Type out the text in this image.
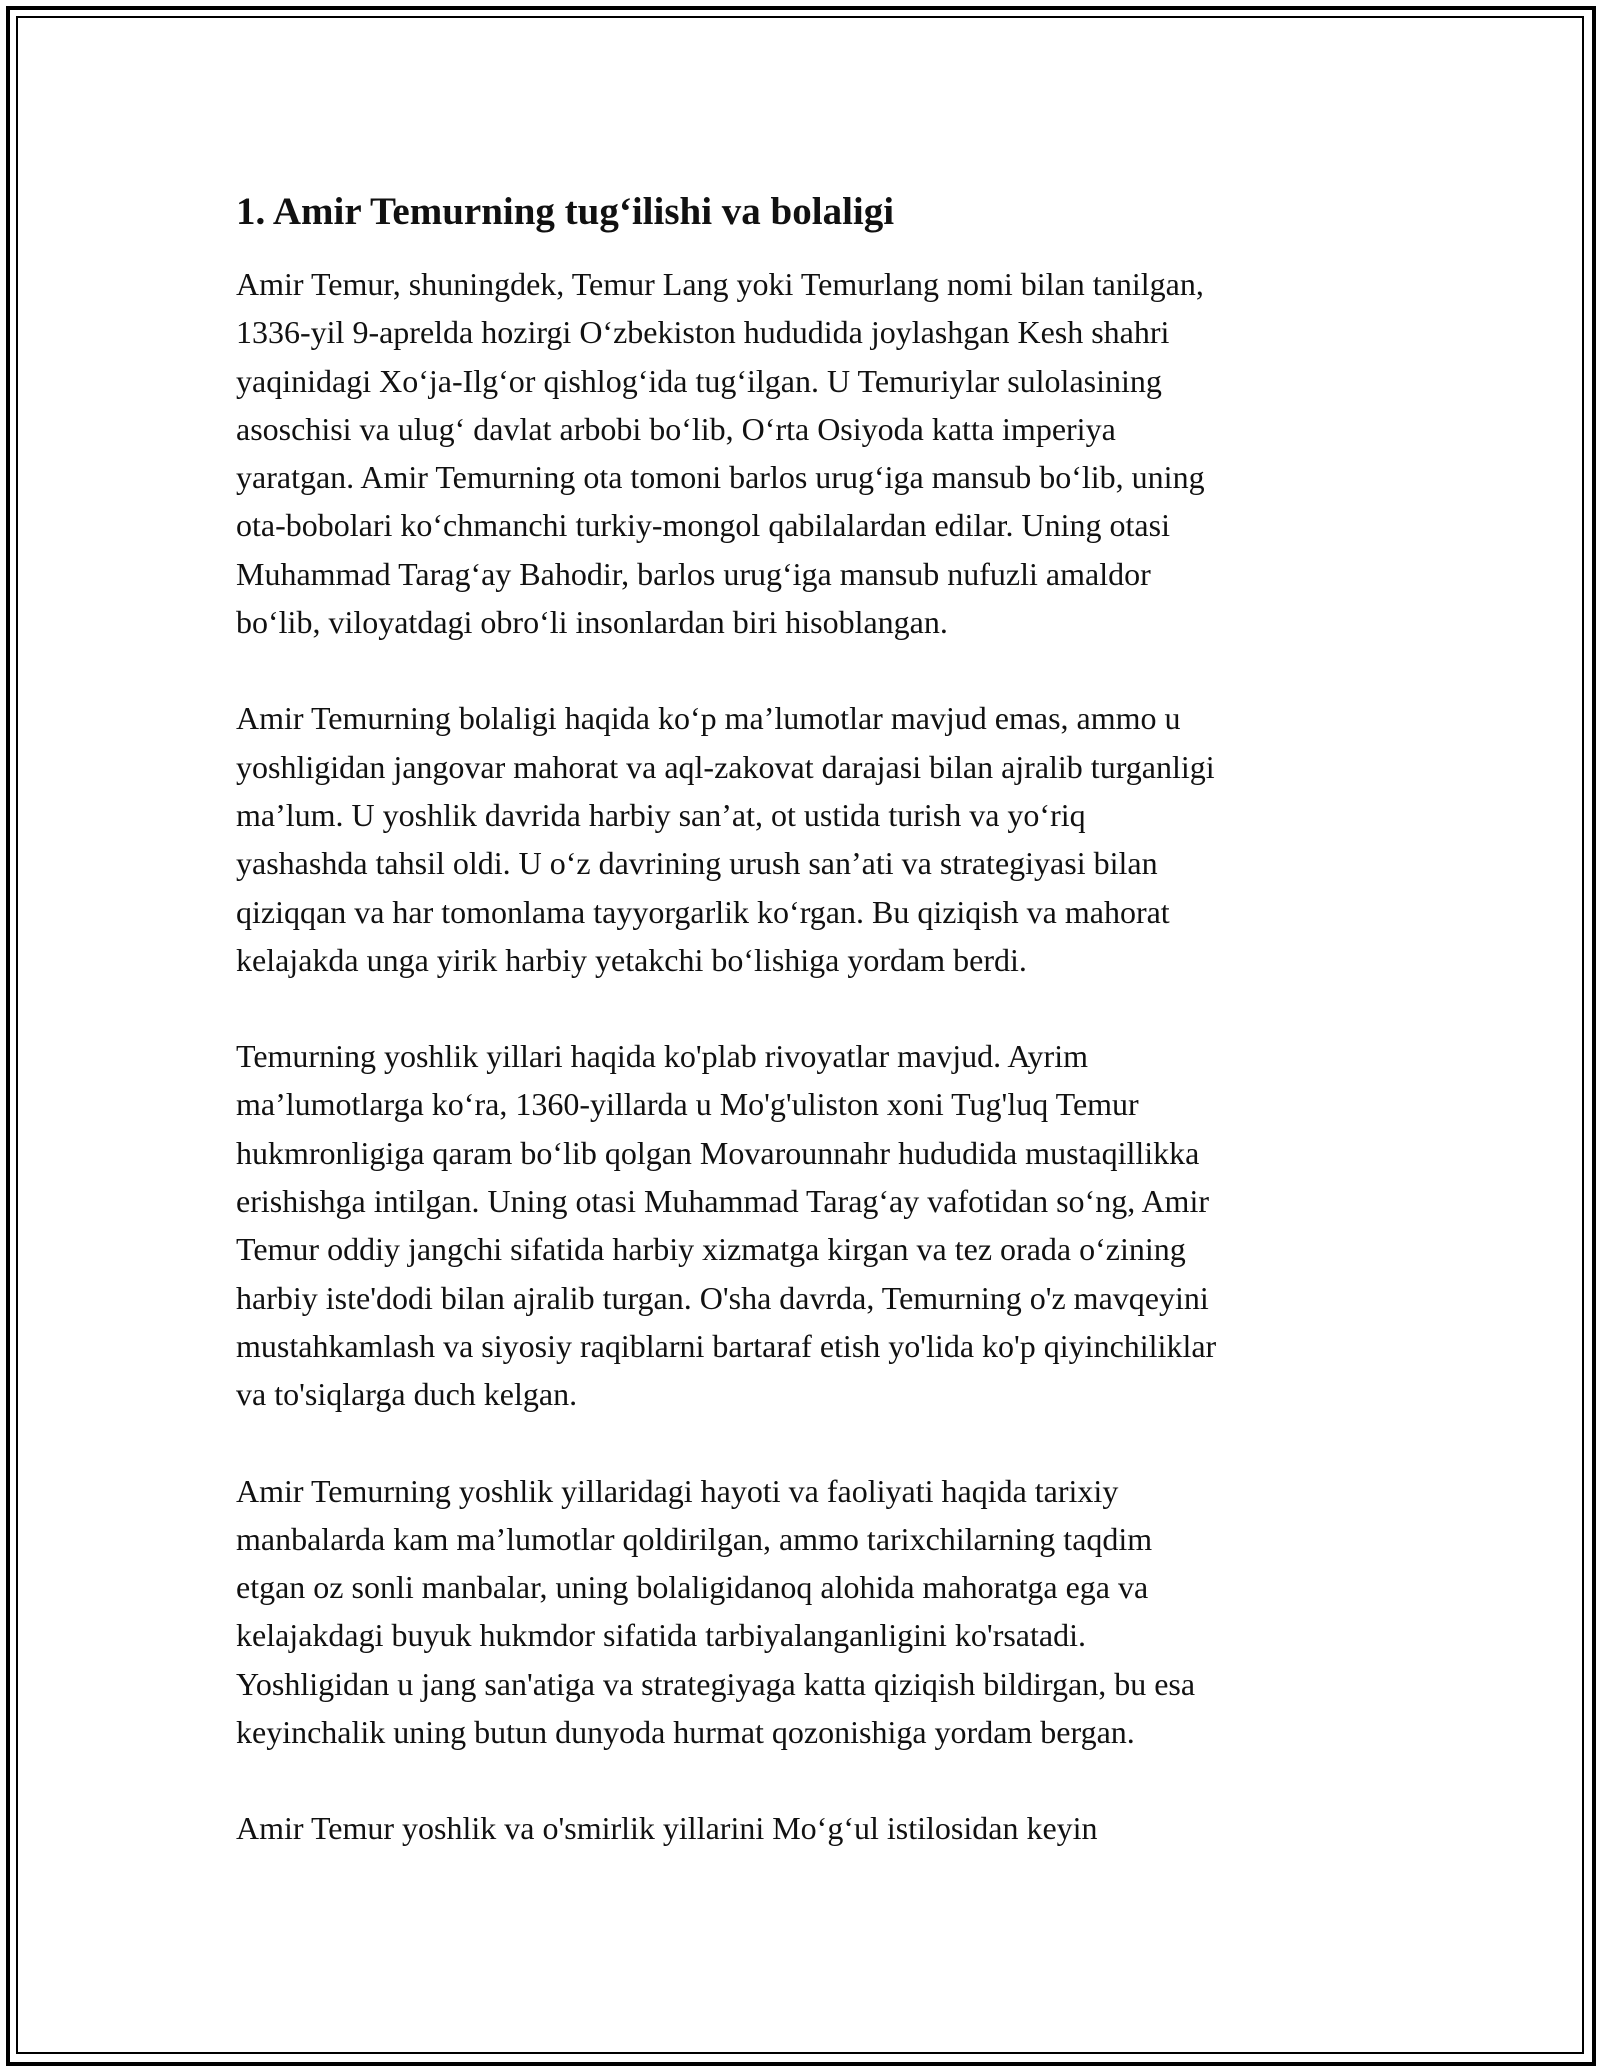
1. Amir Temurning tug‘ilishi va bolaligi

Amir Temur, shuningdek, Temur Lang yoki Temurlang nomi bilan tanilgan,
1336-yil 9-aprelda hozirgi O‘zbekiston hududida joylashgan Kesh shahri
yaqinidagi Xo‘ja-Ilg‘or qishlog‘ida tug‘ilgan. U Temuriylar sulolasining
asoschisi va ulug‘ davlat arbobi bo‘lib, O‘rta Osiyoda katta imperiya
yaratgan. Amir Temurning ota tomoni barlos urug‘iga mansub bo‘lib, uning
ota-bobolari ko‘chmanchi turkiy-mongol qabilalardan edilar. Uning otasi
Muhammad Tarag‘ay Bahodir, barlos urug‘iga mansub nufuzli amaldor
bo‘lib, viloyatdagi obro‘li insonlardan biri hisoblangan.

Amir Temurning bolaligi haqida ko‘p ma’lumotlar mavjud emas, ammo u
yoshligidan jangovar mahorat va aql-zakovat darajasi bilan ajralib turganligi
ma’lum. U yoshlik davrida harbiy san’at, ot ustida turish va yo‘riq
yashashda tahsil oldi. U o‘z davrining urush san’ati va strategiyasi bilan
qiziqqan va har tomonlama tayyorgarlik ko‘rgan. Bu qiziqish va mahorat
kelajakda unga yirik harbiy yetakchi bo‘lishiga yordam berdi.

Temurning yoshlik yillari haqida ko'plab rivoyatlar mavjud. Ayrim
ma’lumotlarga ko‘ra, 1360-yillarda u Mo'g'uliston xoni Tug'luq Temur
hukmronligiga qaram bo‘lib qolgan Movarounnahr hududida mustaqillikka
erishishga intilgan. Uning otasi Muhammad Tarag‘ay vafotidan so‘ng, Amir
Temur oddiy jangchi sifatida harbiy xizmatga kirgan va tez orada o‘zining
harbiy iste'dodi bilan ajralib turgan. O'sha davrda, Temurning o'z mavqeyini
mustahkamlash va siyosiy raqiblarni bartaraf etish yo'lida ko'p qiyinchiliklar
va to'siqlarga duch kelgan.

Amir Temurning yoshlik yillaridagi hayoti va faoliyati haqida tarixiy
manbalarda kam ma’lumotlar qoldirilgan, ammo tarixchilarning taqdim
etgan oz sonli manbalar, uning bolaligidanoq alohida mahoratga ega va
kelajakdagi buyuk hukmdor sifatida tarbiyalanganligini ko'rsatadi.
Yoshligidan u jang san'atiga va strategiyaga katta qiziqish bildirgan, bu esa
keyinchalik uning butun dunyoda hurmat qozonishiga yordam bergan.

Amir Temur yoshlik va o'smirlik yillarini Mo‘g‘ul istilosidan keyin
